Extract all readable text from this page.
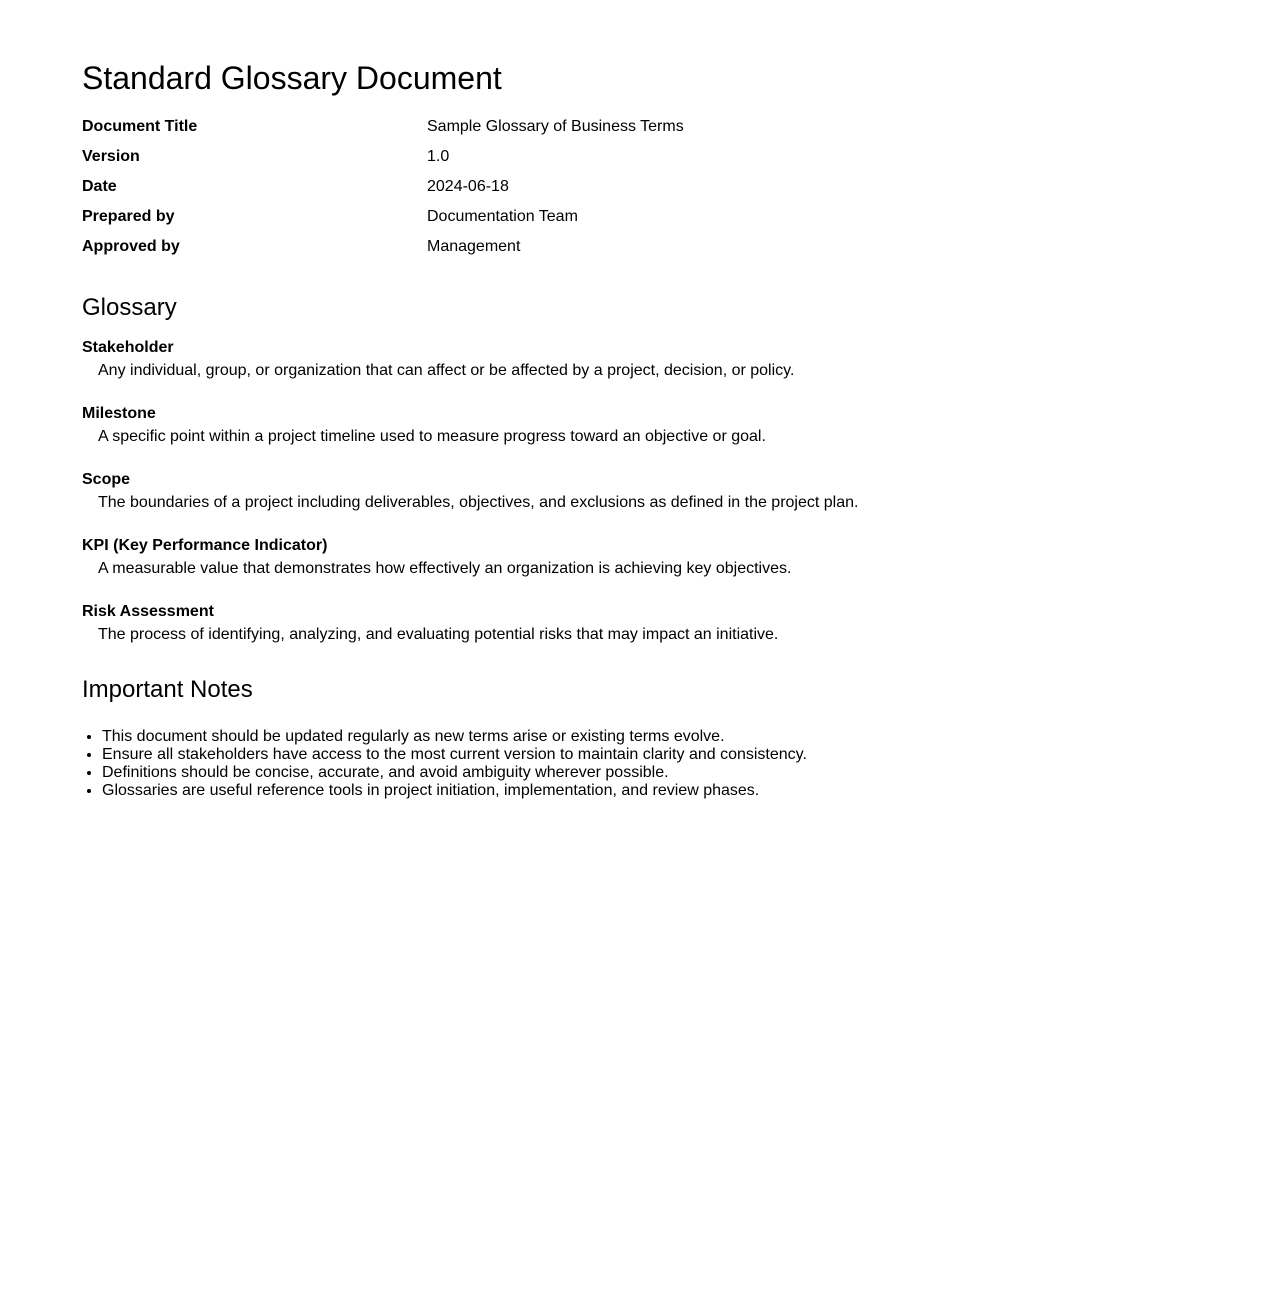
Standard Glossary Document
Document Title	Sample Glossary of Business Terms
Version	1.0
Date	2024-06-18
Prepared by	Documentation Team
Approved by	Management
Glossary
Stakeholder
Any individual, group, or organization that can affect or be affected by a project, decision, or policy.
Milestone
A specific point within a project timeline used to measure progress toward an objective or goal.
Scope
The boundaries of a project including deliverables, objectives, and exclusions as defined in the project plan.
KPI (Key Performance Indicator)
A measurable value that demonstrates how effectively an organization is achieving key objectives.
Risk Assessment
The process of identifying, analyzing, and evaluating potential risks that may impact an initiative.
Important Notes
• This document should be updated regularly as new terms arise or existing terms evolve.
• Ensure all stakeholders have access to the most current version to maintain clarity and consistency.
• Definitions should be concise, accurate, and avoid ambiguity wherever possible.
• Glossaries are useful reference tools in project initiation, implementation, and review phases.
